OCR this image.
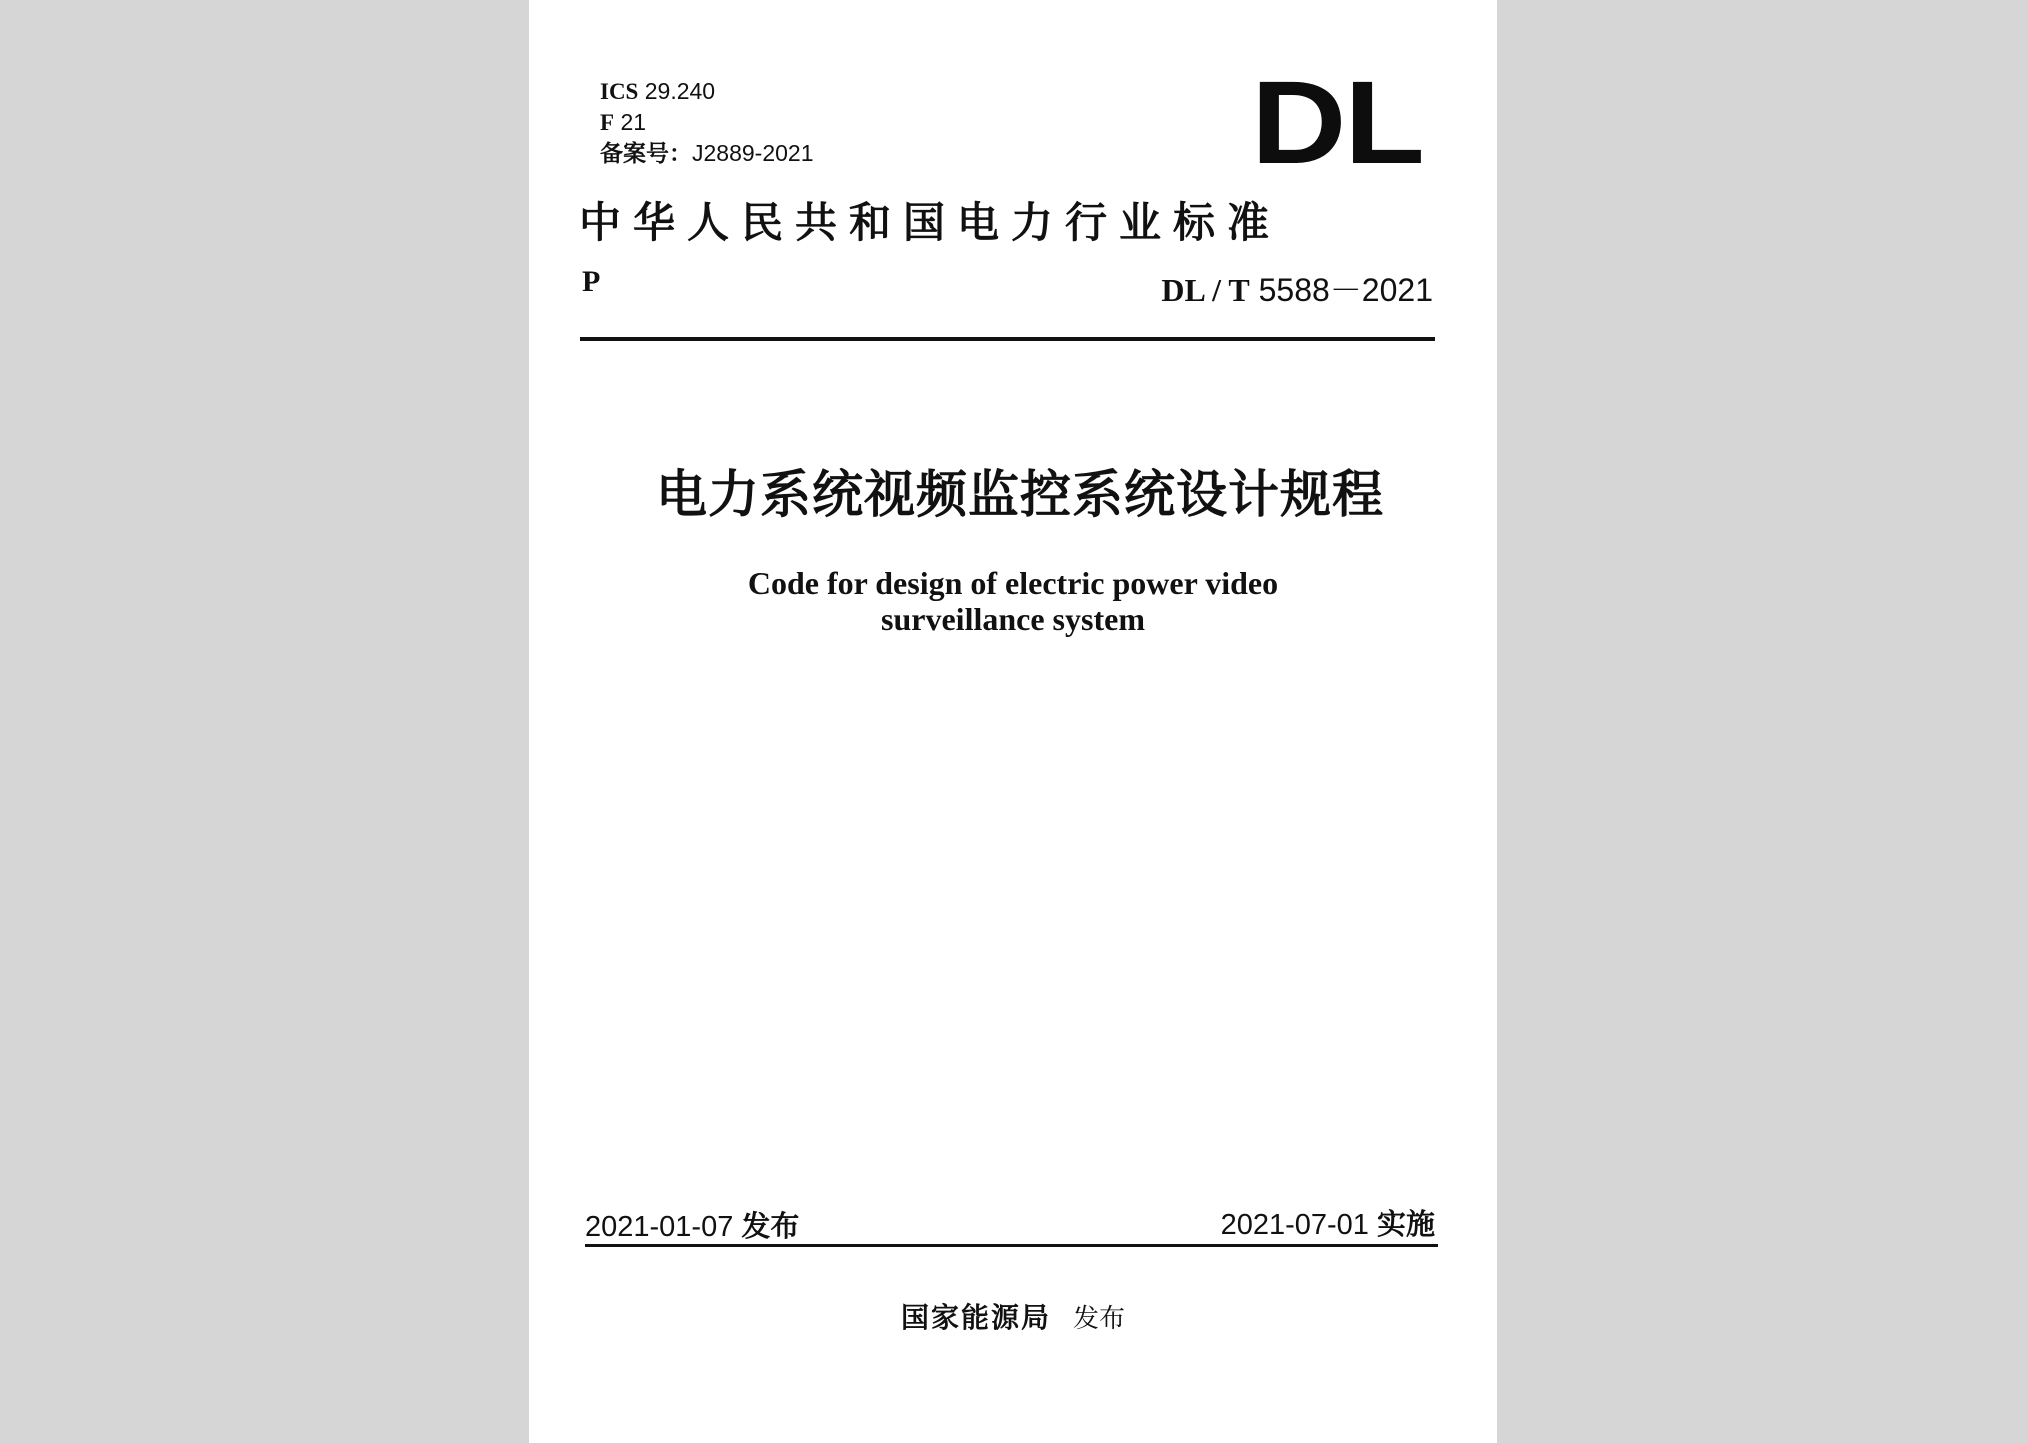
ICS 29.240
F 21
备案号：J2889-2021	DL
中华人民共和国电力行业标准
P	DL / T 5588－2021
电力系统视频监控系统设计规程
Code for design of electric power video
surveillance system
2021-01-07 发布	2021-07-01 实施
国家能源局 发布
